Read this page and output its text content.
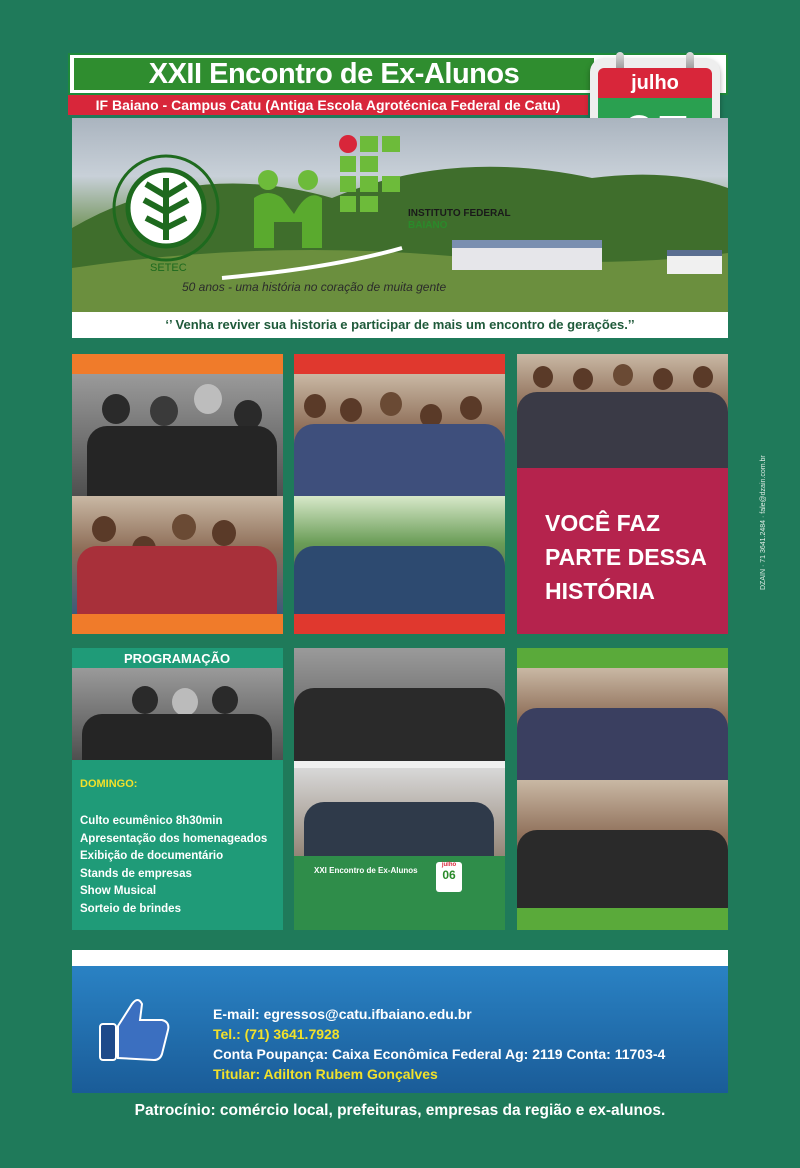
XXII Encontro de Ex-Alunos
IF Baiano - Campus Catu (Antiga Escola Agrotécnica Federal de Catu)
julho
SETEC
INSTITUTO FEDERAL
BAIANO
50 anos - uma história no coração de muita gente
‘’ Venha reviver sua historia e participar de mais um encontro de gerações.’’
VOCÊ FAZ
PARTE DESSA
HISTÓRIA
PROGRAMAÇÃO
DOMINGO:
Culto ecumênico 8h30min
Apresentação dos homenageados
Exibição de documentário
Stands de empresas
Show Musical
Sorteio de brindes
XXI Encontro de Ex-Alunos
julho
06
E-mail: egressos@catu.ifbaiano.edu.br
Tel.: (71) 3641.7928
Conta Poupança: Caixa Econômica Federal Ag: 2119 Conta: 11703-4
Titular: Adilton Rubem Gonçalves
Patrocínio: comércio local, prefeituras, empresas da região e ex-alunos.
DZAIN · 71 3641.2484 · fale@dzain.com.br
